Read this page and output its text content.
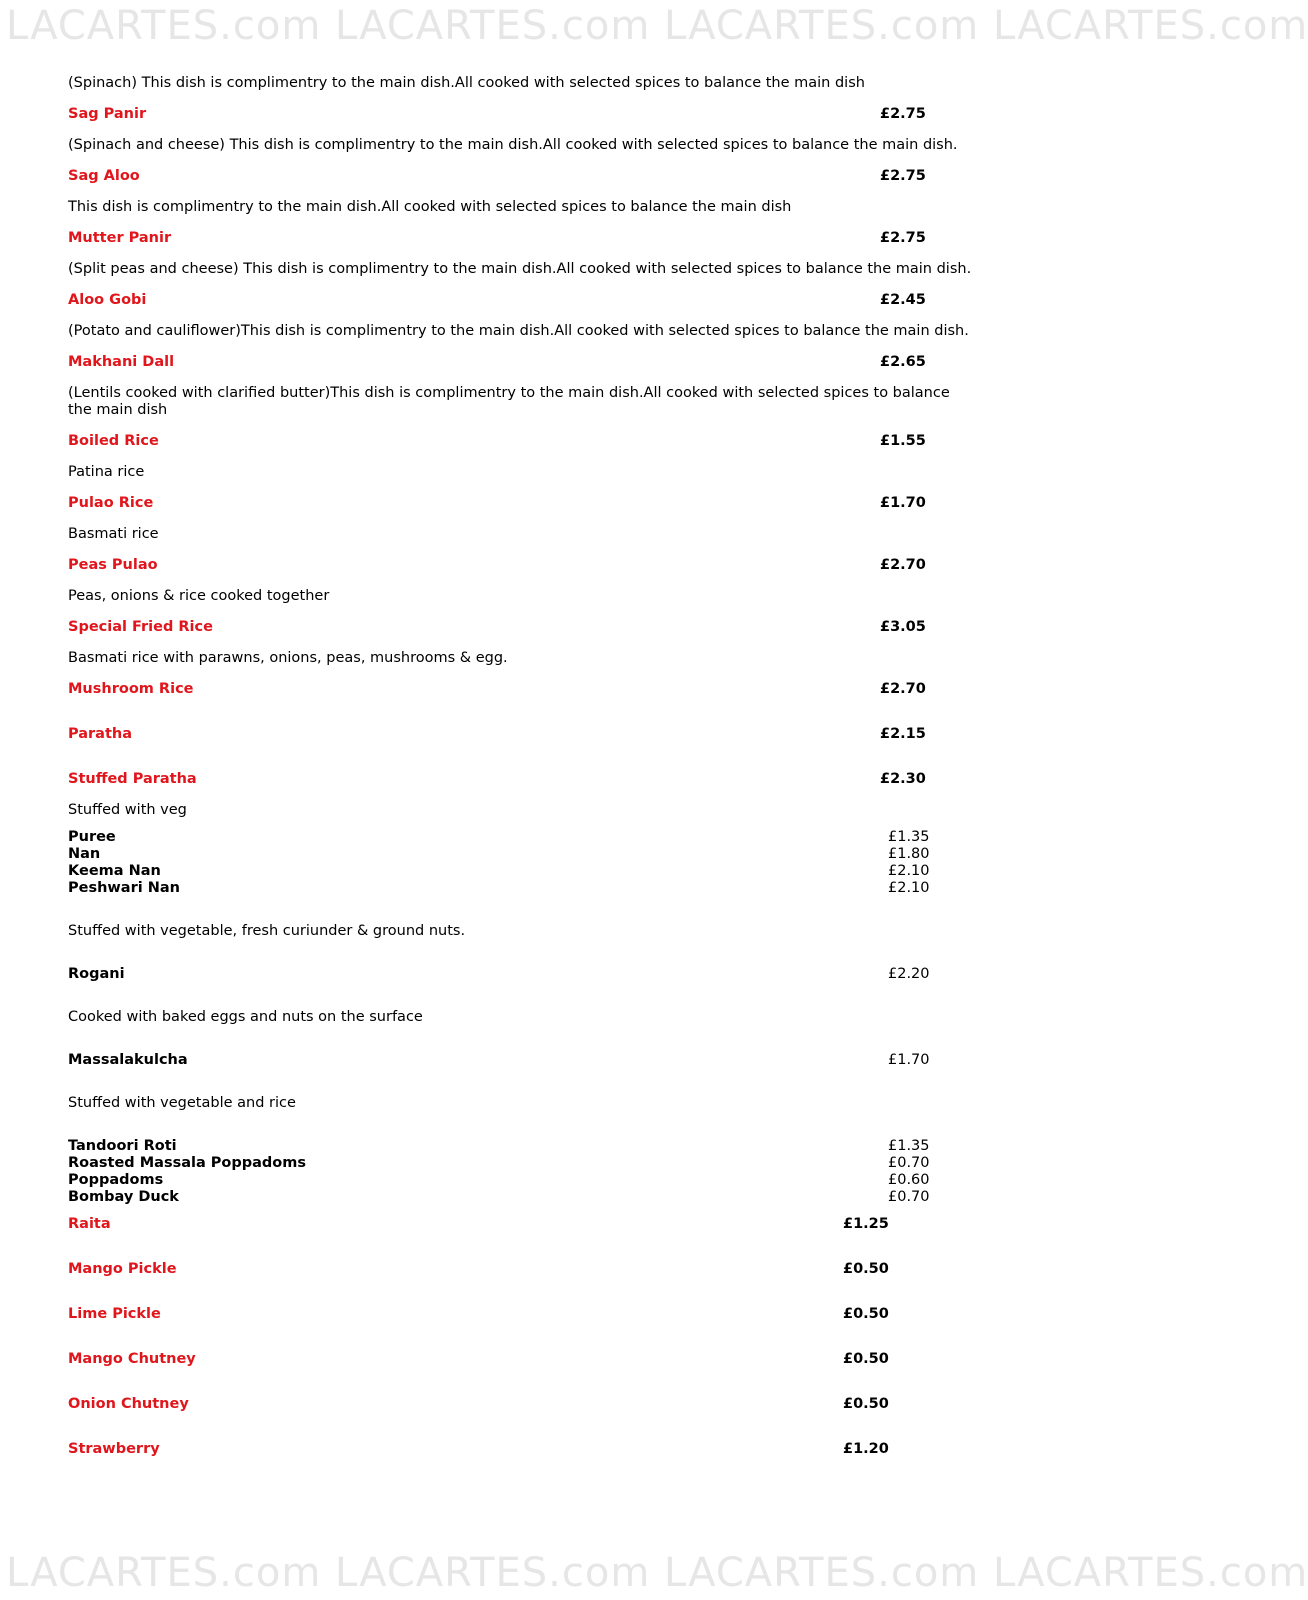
LACARTES.com LACARTES.com LACARTES.com LACARTES.com
(Spinach) This dish is complimentry to the main dish.All cooked with selected spices to balance the main dish
Sag Panir	£2.75
(Spinach and cheese) This dish is complimentry to the main dish.All cooked with selected spices to balance the main dish.
Sag Aloo	£2.75
This dish is complimentry to the main dish.All cooked with selected spices to balance the main dish
Mutter Panir	£2.75
(Split peas and cheese) This dish is complimentry to the main dish.All cooked with selected spices to balance the main dish.
Aloo Gobi	£2.45
(Potato and cauliflower)This dish is complimentry to the main dish.All cooked with selected spices to balance the main dish.
Makhani Dall	£2.65
(Lentils cooked with clarified butter)This dish is complimentry to the main dish.All cooked with selected spices to balance the main dish
Boiled Rice	£1.55
Patina rice
Pulao Rice	£1.70
Basmati rice
Peas Pulao	£2.70
Peas, onions & rice cooked together
Special Fried Rice	£3.05
Basmati rice with parawns, onions, peas, mushrooms & egg.
Mushroom Rice	£2.70
Paratha	£2.15
Stuffed Paratha	£2.30
Stuffed with veg
Puree	£1.35
Nan	£1.80
Keema Nan	£2.10
Peshwari Nan	£2.10
Stuffed with vegetable, fresh curiunder & ground nuts.
Rogani	£2.20
Cooked with baked eggs and nuts on the surface
Massalakulcha	£1.70
Stuffed with vegetable and rice
Tandoori Roti	£1.35
Roasted Massala Poppadoms	£0.70
Poppadoms	£0.60
Bombay Duck	£0.70
Raita	£1.25
Mango Pickle	£0.50
Lime Pickle	£0.50
Mango Chutney	£0.50
Onion Chutney	£0.50
Strawberry	£1.20
LACARTES.com LACARTES.com LACARTES.com LACARTES.com
